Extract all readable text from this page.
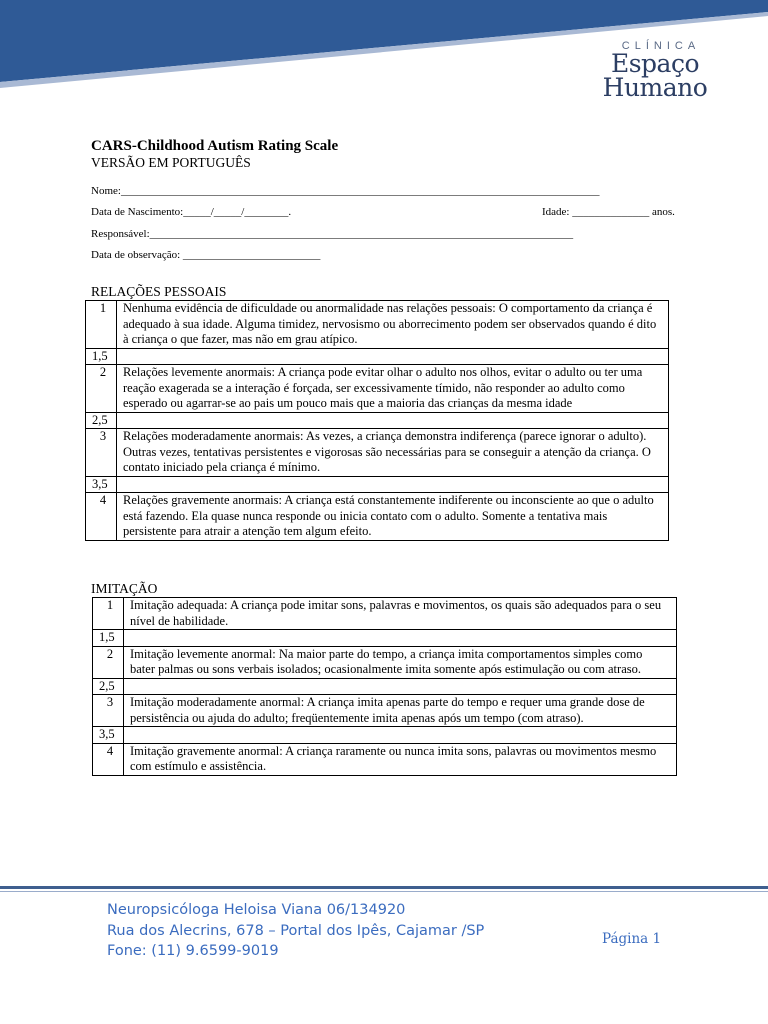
CLÍNICA
Espaço
Humano
CARS-Childhood Autism Rating Scale
VERSÃO EM PORTUGUÊS
Nome:_______________________________________________________________________________________
Data de Nascimento:_____/_____/________.	Idade: ______________ anos.
Responsável:_____________________________________________________________________________
Data de observação: _________________________
RELAÇÕES PESSOAIS
1	Nenhuma evidência de dificuldade ou anormalidade nas relações pessoais: O comportamento da criança é adequado à sua idade. Alguma timidez, nervosismo ou aborrecimento podem ser observados quando é dito à criança o que fazer, mas não em grau atípico.
1,5	
2	Relações levemente anormais: A criança pode evitar olhar o adulto nos olhos, evitar o adulto ou ter uma reação exagerada se a interação é forçada, ser excessivamente tímido, não responder ao adulto como esperado ou agarrar-se ao pais um pouco mais que a maioria das crianças da mesma idade
2,5	
3	Relações moderadamente anormais: As vezes, a criança demonstra indiferença (parece ignorar o adulto). Outras vezes, tentativas persistentes e vigorosas são necessárias para se conseguir a atenção da criança. O contato iniciado pela criança é mínimo.
3,5	
4	Relações gravemente anormais: A criança está constantemente indiferente ou inconsciente ao que o adulto está fazendo. Ela quase nunca responde ou inicia contato com o adulto. Somente a tentativa mais persistente para atrair a atenção tem algum efeito.
IMITAÇÃO
1	Imitação adequada: A criança pode imitar sons, palavras e movimentos, os quais são adequados para o seu nível de habilidade.
1,5	
2	Imitação levemente anormal: Na maior parte do tempo, a criança imita comportamentos simples como bater palmas ou sons verbais isolados; ocasionalmente imita somente após estimulação ou com atraso.
2,5	
3	Imitação moderadamente anormal: A criança imita apenas parte do tempo e requer uma grande dose de persistência ou ajuda do adulto; freqüentemente imita apenas após um tempo (com atraso).
3,5	
4	Imitação gravemente anormal: A criança raramente ou nunca imita sons, palavras ou movimentos mesmo com estímulo e assistência.
Neuropsicóloga Heloisa Viana 06/134920
Rua dos Alecrins, 678 – Portal dos Ipês, Cajamar /SP
Fone: (11) 9.6599-9019
Página 1
